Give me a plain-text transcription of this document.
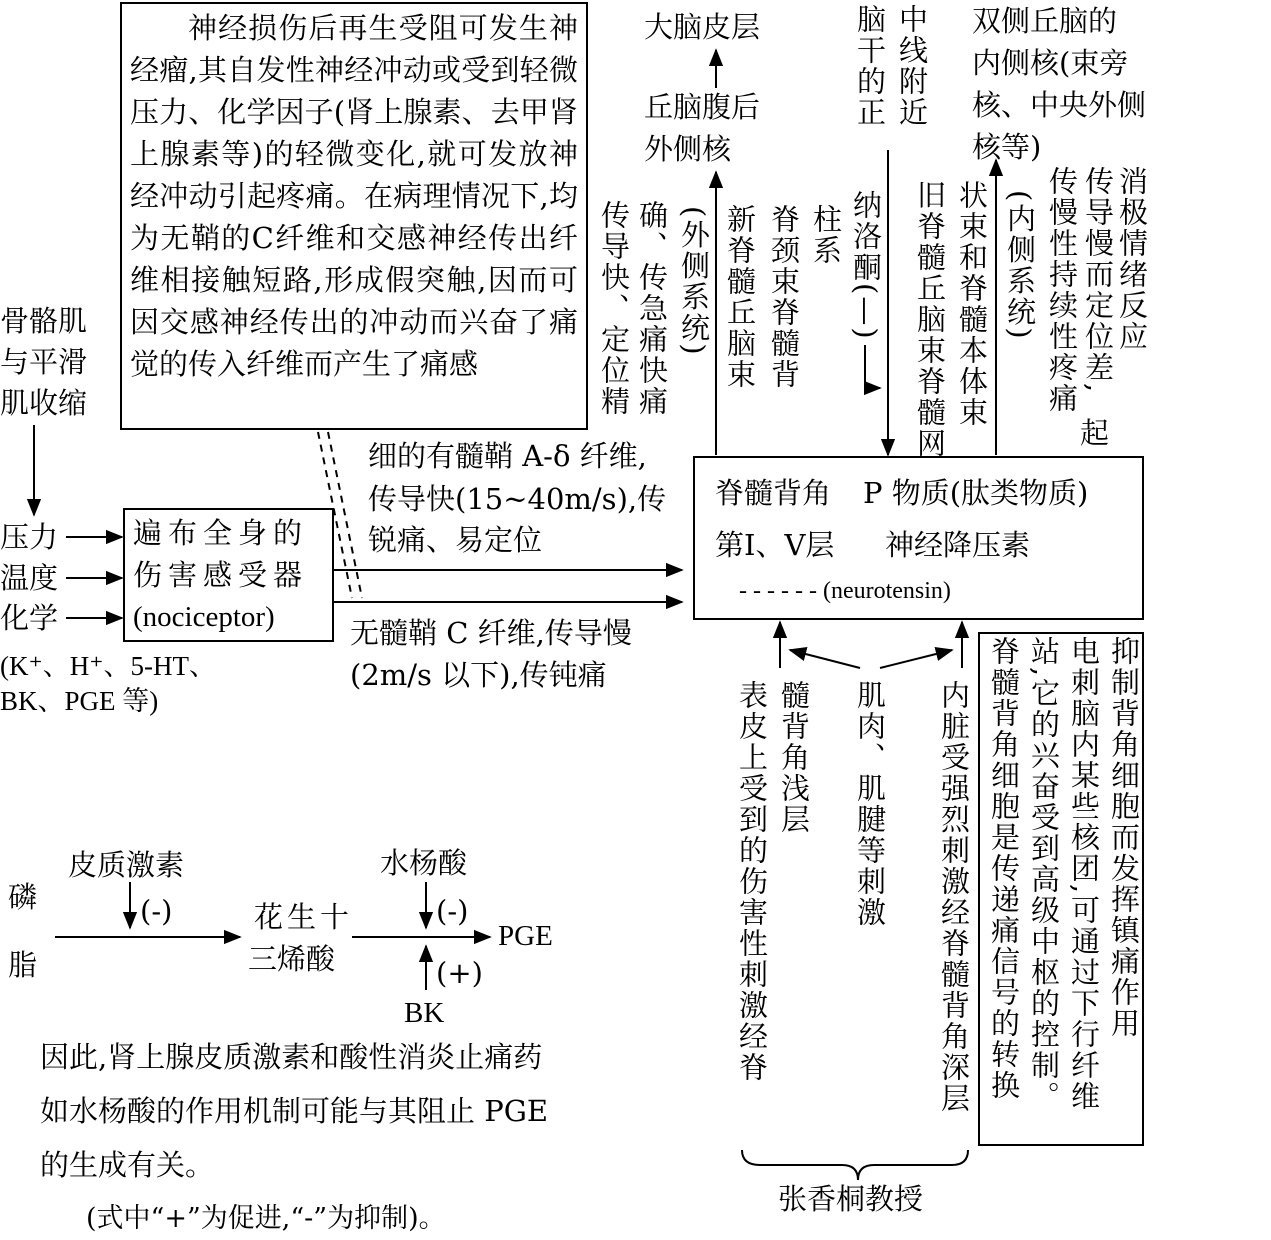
神经损伤后再生受阻可发生神经瘤,其自发性神经冲动或受到轻微压力、化学因子(肾上腺素、去甲肾上腺素等)的轻微变化,就可发放神经冲动引起疼痛。在病理情况下,均为无鞘的C纤维和交感神经传出纤维相接触短路,形成假突触,因而可因交感神经传出的冲动而兴奋了痛觉的传入纤维而产生了痛感
骨骼肌
与平滑
肌收缩
压力
温度
化学
(K⁺、H⁺、5-HT、
BK、PGE 等)
遍布全身的
伤害感受器
(nociceptor)
细的有髓鞘 A-δ 纤维,
传导快(15~40m/s),传
锐痛、易定位
无髓鞘 C 纤维,传导慢
(2m/s 以下),传钝痛
脊髓背角 P 物质(肽类物质)
第Ⅰ、Ⅴ层 神经降压素
- - - - - - (neurotensin)
大脑皮层
丘脑腹后
外侧核
中线附近
脑干的正	双侧丘脑的
内侧核(束旁
核、中央外侧
核等)
确、传急痛快痛
传导快、定位精 (外侧系统) 新脊髓丘脑束 脊颈束脊髓背 柱系 纳洛酮(—) 旧脊髓丘脑束脊髓网 状束和脊髓本体束 (内侧系统) 传慢性持续性疼痛 传导慢而定位差, 消极情绪反应
起
表皮上受到的伤害性刺激经脊 髓背角浅层 肌肉、肌腱等刺激 内脏受强烈刺激经脊髓背角深层	抑制背角细胞而发挥镇痛作用
电刺脑内某些核团,可通过下行纤维
站,它的兴奋受到高级中枢的控制。
脊髓背角细胞是传递痛信号的转换
张香桐教授
磷
脂
皮质激素
(-)	花生十
三烯酸
水杨酸
(-)
(+)
PGE
BK
因此,肾上腺皮质激素和酸性消炎止痛药
如水杨酸的作用机制可能与其阻止 PGE
的生成有关。
(式中“+”为促进,“-”为抑制)。
